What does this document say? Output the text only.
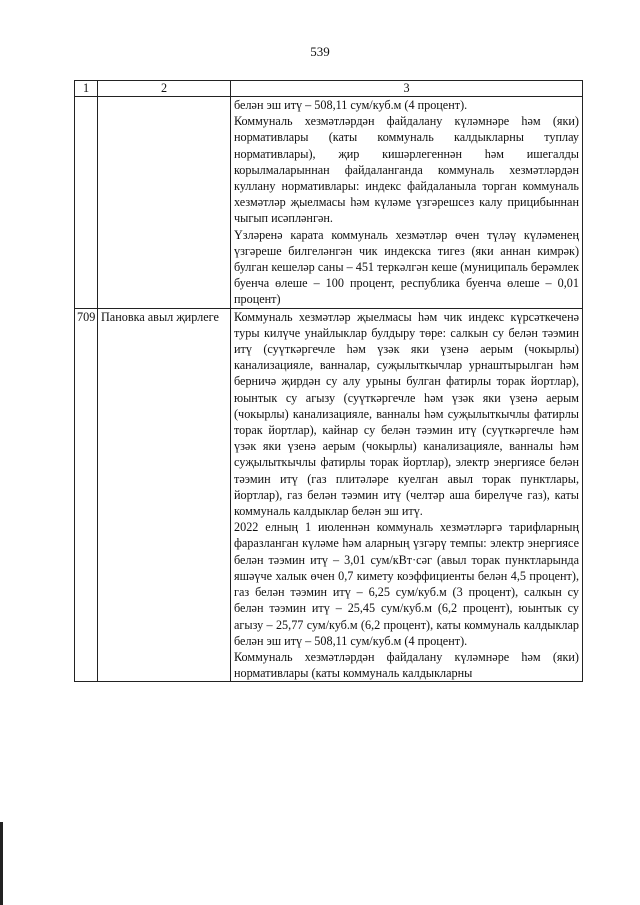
539
1	2	3

		белән эш итү – 508,11 сум/куб.м (4 процент).
Коммуналь хезмәтләрдән файдалану күләмнәре һәм (яки) нормативлары (каты коммуналь калдыкларны туплау нормативлары), җир кишәрлегеннән һәм ишегалды корылмаларыннан файдаланганда коммуналь хезмәтләрдән куллану нормативлары: индекс файдаланыла торган коммуналь хезмәтләр җыелмасы һәм күләме үзгәрешсез калу прицибыннан чыгып исәпләнгән.
Үзләренә карата коммуналь хезмәтләр өчен түләү күләменең үзгәреше билгеләнгән чик индекска тигез (яки аннан кимрәк) булган кешеләр саны – 451 теркәлгән кеше (муниципаль берәмлек буенча өлеше – 100 процент, республика буенча өлеше – 0,01 процент)

709	Пановка авыл җирлеге	Коммуналь хезмәтләр җыелмасы һәм чик индекс күрсәткеченә туры килүче унайлыклар булдыру төре: салкын су белән тәэмин итү (суүткәргечле һәм үзәк яки үзенә аерым (чокырлы) канализацияле, ванналар, суҗылыткычлар урнаштырылган һәм берничә җирдән су алу урыны булган фатирлы торак йортлар), юынтык су агызу (суүткәргечле һәм үзәк яки үзенә аерым (чокырлы) канализацияле, ванналы һәм суҗылыткычлы фатирлы торак йортлар), кайнар су белән тәэмин итү (суүткәргечле һәм үзәк яки үзенә аерым (чокырлы) канализацияле, ванналы һәм суҗылыткычлы фатирлы торак йортлар), электр энергиясе белән тәэмин итү (газ плитәләре куелган авыл торак пунктлары, йортлар), газ белән тәэмин итү (челтәр аша бирелүче газ), каты коммуналь калдыклар белән эш итү.
2022 елның 1 июленнән коммуналь хезмәтләргә тарифларның фаразланган күләме һәм аларның үзгәрү темпы: электр энергиясе белән тәэмин итү – 3,01 сум/кВт·сәг (авыл торак пунктларында яшәүче халык өчен 0,7 кимету коэффициенты белән 4,5 процент), газ белән тәэмин итү – 6,25 сум/куб.м (3 процент), салкын су белән тәэмин итү – 25,45 сум/куб.м (6,2 процент), юынтык су агызу – 25,77 сум/куб.м (6,2 процент), каты коммуналь калдыклар белән эш итү – 508,11 сум/куб.м (4 процент).
Коммуналь хезмәтләрдән файдалану күләмнәре һәм (яки) нормативлары (каты коммуналь калдыкларны
